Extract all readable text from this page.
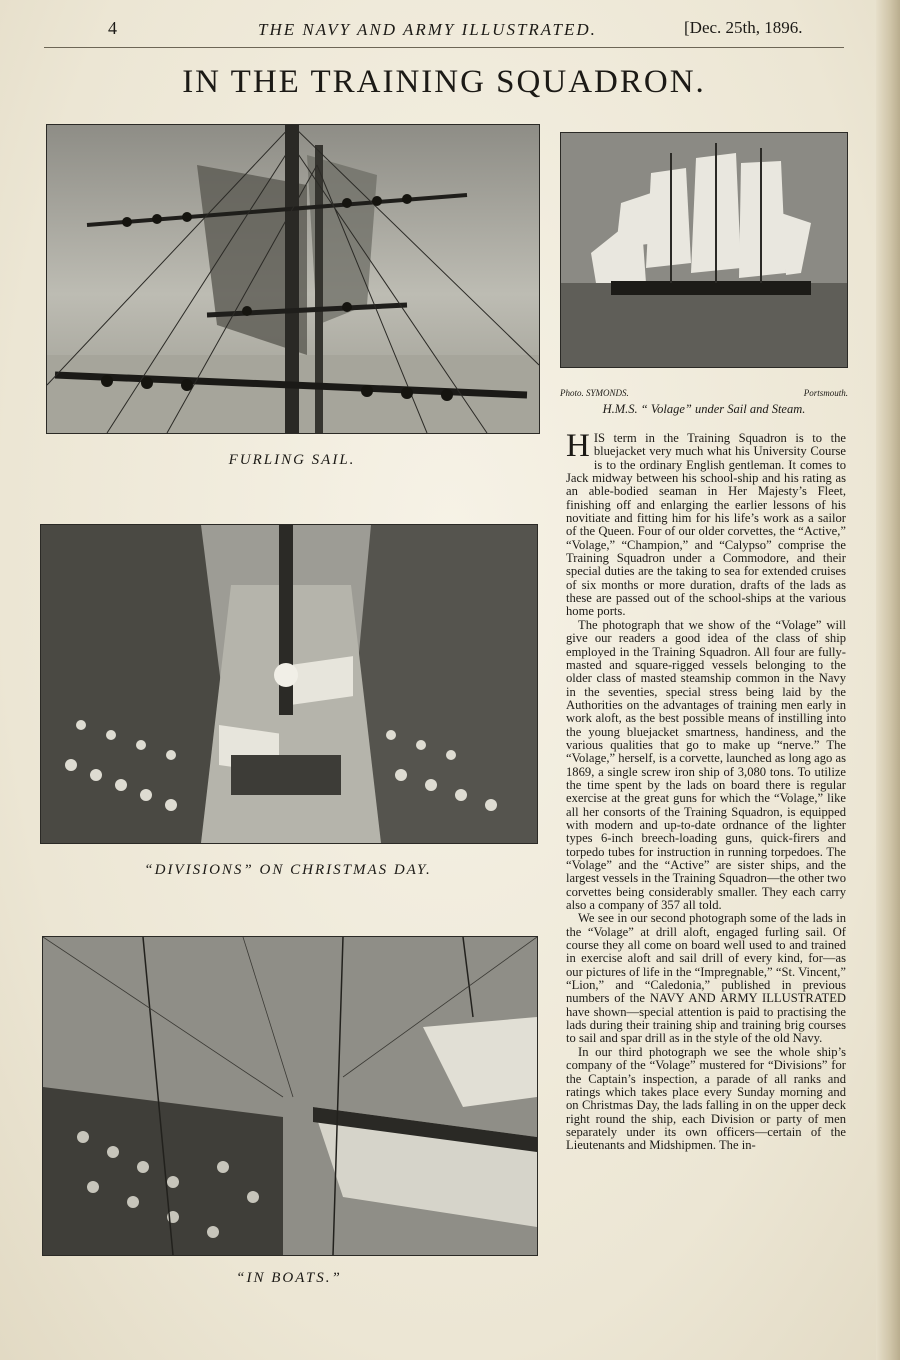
4	THE NAVY AND ARMY ILLUSTRATED.	[Dec. 25th, 1896.
IN THE TRAINING SQUADRON.
FURLING SAIL.
Photo. SYMONDS.	Portsmouth.
H.M.S. “ Volage” under Sail and Steam.
“DIVISIONS” ON CHRISTMAS DAY.
“IN BOATS.”

HIS term in the Training Squadron is to the bluejacket very much what his University Course is to the ordinary English gentleman. It comes to Jack midway between his school-ship and his rating as an able-bodied seaman in Her Majesty’s Fleet, finishing off and enlarging the earlier lessons of his novitiate and fitting him for his life’s work as a sailor of the Queen. Four of our older corvettes, the “Active,” “Volage,” “Champion,” and “Calypso” comprise the Training Squadron under a Commodore, and their special duties are the taking to sea for extended cruises of six months or more duration, drafts of the lads as these are passed out of the school-ships at the various home ports.

The photograph that we show of the “Volage” will give our readers a good idea of the class of ship employed in the Training Squadron. All four are fully-masted and square-rigged vessels belonging to the older class of masted steamship common in the Navy in the seventies, special stress being laid by the Authorities on the advantages of training men early in work aloft, as the best possible means of instilling into the young bluejacket smartness, handiness, and the various qualities that go to make up “nerve.” The “Volage,” herself, is a corvette, launched as long ago as 1869, a single screw iron ship of 3,080 tons. To utilize the time spent by the lads on board there is regular exercise at the great guns for which the “Volage,” like all her consorts of the Training Squadron, is equipped with modern and up-to-date ordnance of the lighter types 6-inch breech-loading guns, quick-firers and torpedo tubes for instruction in running torpedoes. The “Volage” and the “Active” are sister ships, and the largest vessels in the Training Squadron—the other two corvettes being considerably smaller. They each carry also a company of 357 all told.

We see in our second photograph some of the lads in the “Volage” at drill aloft, engaged furling sail. Of course they all come on board well used to and trained in exercise aloft and sail drill of every kind, for—as our pictures of life in the “Impregnable,” “St. Vincent,” “Lion,” and “Caledonia,” published in previous numbers of the NAVY AND ARMY ILLUSTRATED have shown—special attention is paid to practising the lads during their training ship and training brig courses to sail and spar drill as in the style of the old Navy.

In our third photograph we see the whole ship’s company of the “Volage” mustered for “Divisions” for the Captain’s inspection, a parade of all ranks and ratings which takes place every Sunday morning and on Christmas Day, the lads falling in on the upper deck right round the ship, each Division or party of men separately under its own officers—certain of the Lieutenants and Midshipmen. The in-
